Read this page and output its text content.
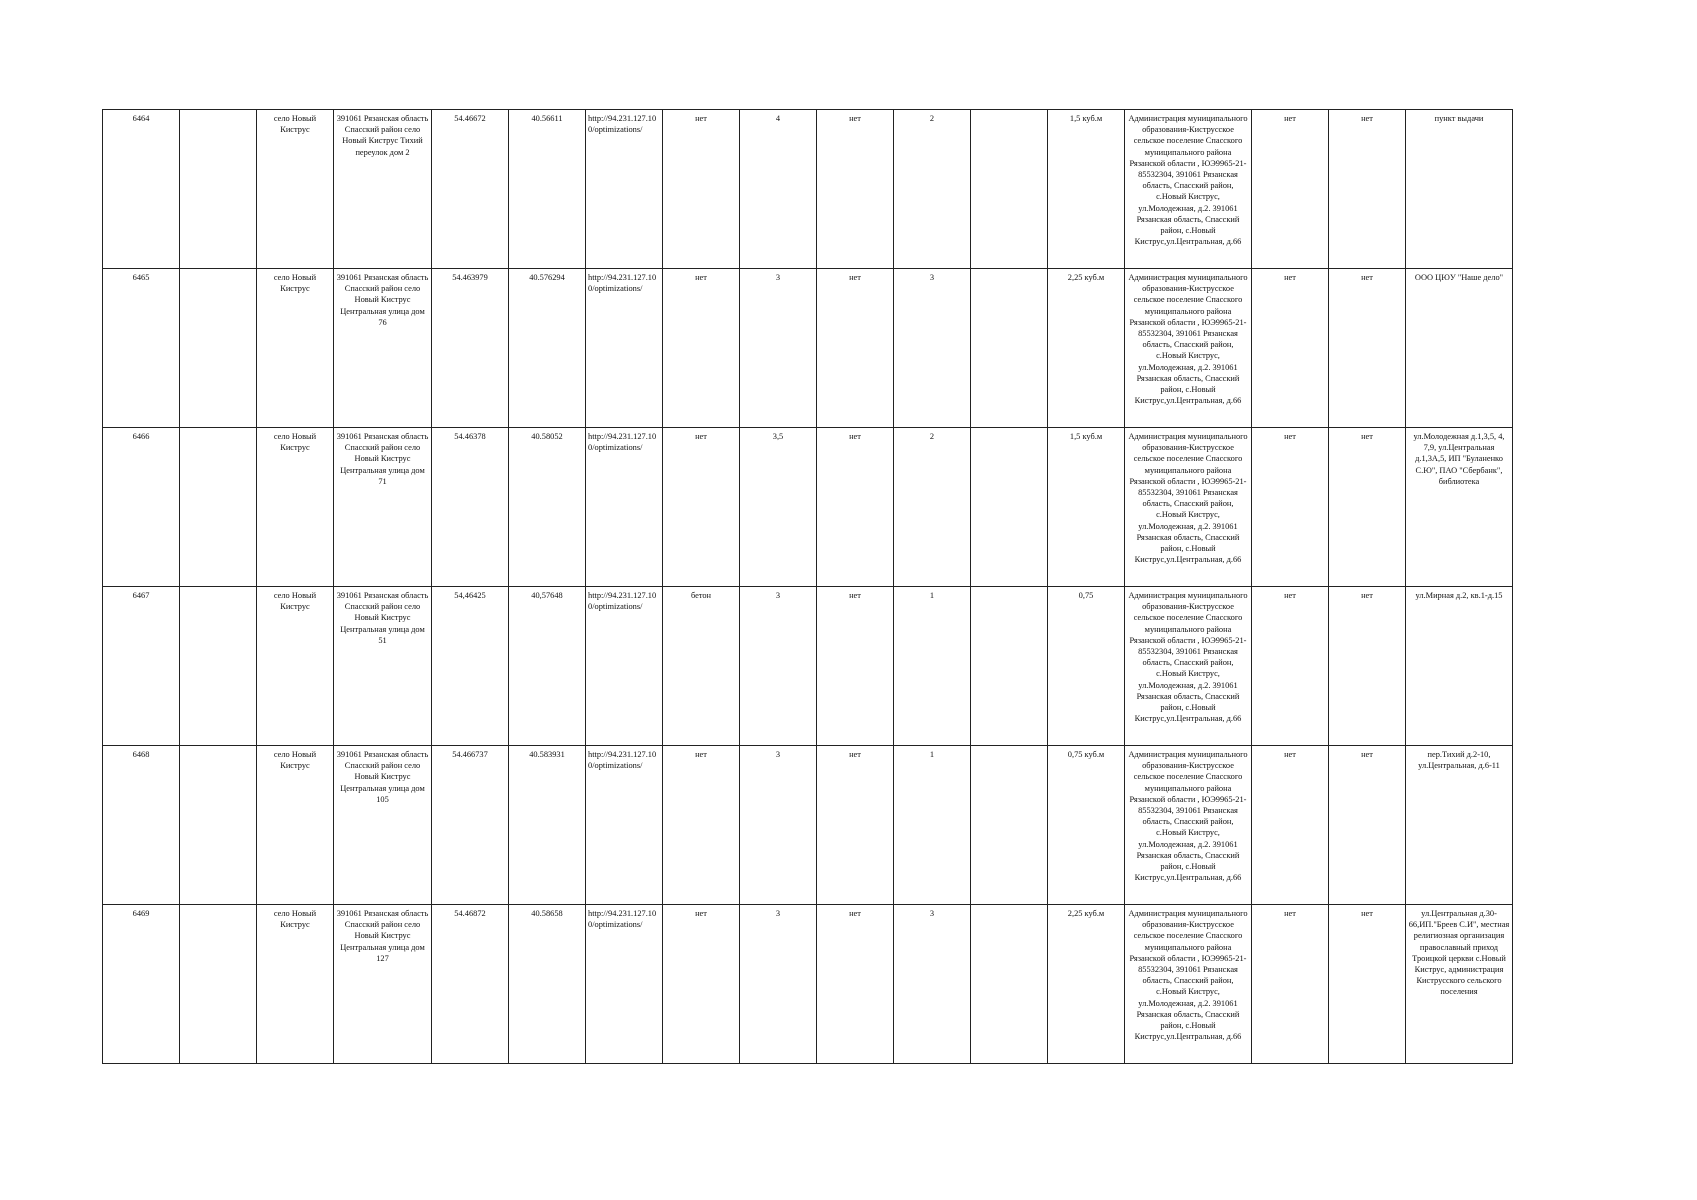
6464		село Новый Киструс	391061 Рязанская область Спасский район село Новый Киструс Тихий переулок дом 2	54.46672	40.56611	http://94.231.127.100/optimizations/	нет	4	нет	2		1,5 куб.м	Администрация муниципального образования-Киструсское сельское поселение Спасского муниципального района Рязанской области , ЮЭ9965-21-85532304, 391061 Рязанская область, Спасский район, с.Новый Киструс, ул.Молодежная, д.2. 391061 Рязанская область, Спасский район, с.Новый Киструс,ул.Центральная, д.66	нет	нет	пункт выдачи
6465		село Новый Киструс	391061 Рязанская область Спасский район село Новый Киструс Центральная улица дом 76	54.463979	40.576294	http://94.231.127.100/optimizations/	нет	3	нет	3		2,25 куб.м	Администрация муниципального образования-Киструсское сельское поселение Спасского муниципального района Рязанской области , ЮЭ9965-21-85532304, 391061 Рязанская область, Спасский район, с.Новый Киструс, ул.Молодежная, д.2. 391061 Рязанская область, Спасский район, с.Новый Киструс,ул.Центральная, д.66	нет	нет	ООО ЦЮУ "Наше дело"
6466		село Новый Киструс	391061 Рязанская область Спасский район село Новый Киструс Центральная улица дом 71	54.46378	40.58052	http://94.231.127.100/optimizations/	нет	3,5	нет	2		1,5 куб.м	Администрация муниципального образования-Киструсское сельское поселение Спасского муниципального района Рязанской области , ЮЭ9965-21-85532304, 391061 Рязанская область, Спасский район, с.Новый Киструс, ул.Молодежная, д.2. 391061 Рязанская область, Спасский район, с.Новый Киструс,ул.Центральная, д.66	нет	нет	ул.Молодежная д.1,3,5, 4, 7,9, ул.Центральная д.1,3А,5, ИП "Буланенко С.Ю", ПАО "Сбербанк", библиотека
6467		село Новый Киструс	391061 Рязанская область Спасский район село Новый Киструс Центральная улица дом 51	54,46425	40,57648	http://94.231.127.100/optimizations/	бетон	3	нет	1		0,75	Администрация муниципального образования-Киструсское сельское поселение Спасского муниципального района Рязанской области , ЮЭ9965-21-85532304, 391061 Рязанская область, Спасский район, с.Новый Киструс, ул.Молодежная, д.2. 391061 Рязанская область, Спасский район, с.Новый Киструс,ул.Центральная, д.66	нет	нет	ул.Мирная д.2, кв.1-д.15
6468		село Новый Киструс	391061 Рязанская область Спасский район село Новый Киструс Центральная улица дом 105	54.466737	40.583931	http://94.231.127.100/optimizations/	нет	3	нет	1		0,75 куб.м	Администрация муниципального образования-Киструсское сельское поселение Спасского муниципального района Рязанской области , ЮЭ9965-21-85532304, 391061 Рязанская область, Спасский район, с.Новый Киструс, ул.Молодежная, д.2. 391061 Рязанская область, Спасский район, с.Новый Киструс,ул.Центральная, д.66	нет	нет	пер.Тихий д.2-10, ул.Центральная, д.6-11
6469		село Новый Киструс	391061 Рязанская область Спасский район село Новый Киструс Центральная улица дом 127	54.46872	40.58658	http://94.231.127.100/optimizations/	нет	3	нет	3		2,25 куб.м	Администрация муниципального образования-Киструсское сельское поселение Спасского муниципального района Рязанской области , ЮЭ9965-21-85532304, 391061 Рязанская область, Спасский район, с.Новый Киструс, ул.Молодежная, д.2. 391061 Рязанская область, Спасский район, с.Новый Киструс,ул.Центральная, д.66	нет	нет	ул.Центральная д.30-66,ИП."Бреев С.И", местная религиозная организация православный приход Троицкой церкви с.Новый Киструс, администрация Киструсского сельского поселения
